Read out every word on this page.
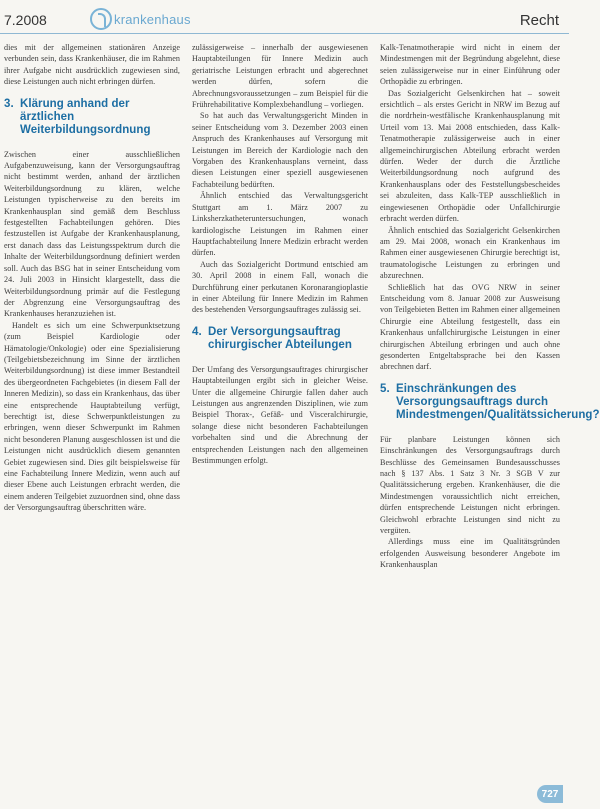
7.2008	krankenhaus	Recht

dies mit der allgemeinen stationären Anzeige verbunden sein, dass Krankenhäuser, die im Rahmen ihrer Aufgabe nicht ausdrücklich zugewiesen sind, diese Leistungen auch nicht erbringen dürfen.

3. Klärung anhand der ärztlichen Weiterbildungsordnung

Zwischen einer ausschließlichen Aufgabenzuweisung, kann der Versorgungsauftrag nicht bestimmt werden, anhand der ärztlichen Weiterbildungsordnung zu klären, welche Leistungen typischerweise zu den bereits im Krankenhausplan sind gemäß dem Beschluss festgestellten Fachabteilungen gehören. Dies festzustellen ist Aufgabe der Krankenhausplanung, erst danach dass das Leistungsspektrum durch die Inhalte der Weiterbildungsordnung definiert werden soll. Auch das BSG hat in seiner Entscheidung vom 24. Juli 2003 in Hinsicht klargestellt, dass die Weiterbildungsordnung primär auf die Festlegung der Abgrenzung eine Versorgungsauftrag des Krankenhauses heranzuziehen ist.

Handelt es sich um eine Schwerpunktsetzung (zum Beispiel Kardiologie oder Hämatologie/Onkologie) oder eine Spezialisierung (Teilgebietsbezeichnung im Sinne der ärztlichen Weiterbildungsordnung) ist diese immer Bestandteil des übergeordneten Fachgebietes (in diesem Fall der Inneren Medizin), so dass ein Krankenhaus, das über eine entsprechende Hauptabteilung verfügt, berechtigt ist, diese Schwerpunktleistungen zu erbringen, wenn dieser Schwerpunkt im Rahmen nicht besonderen Planung ausgeschlossen ist und die Leistungen nicht ausdrücklich diesem genannten Gebiet zugewiesen sind. Dies gilt beispielsweise für eine Fachabteilung Innere Medizin, wenn auch auf dieser Ebene auch Leistungen erbracht werden, die einem anderen Teilgebiet zuzuordnen sind, ohne dass der Versorgungsauftrag überschritten wäre.

zulässigerweise – innerhalb der ausgewiesenen Hauptabteilungen für Innere Medizin auch geriatrische Leistungen erbracht und abgerechnet werden dürfen, sofern die Abrechnungsvoraussetzungen – zum Beispiel für die Frührehabilitative Komplexbehandlung – vorliegen.

So hat auch das Verwaltungsgericht Minden in seiner Entscheidung vom 3. Dezember 2003 einen Anspruch des Krankenhauses auf Versorgung mit Leistungen im Bereich der Kardiologie nach den Vorgaben des Krankenhausplans verneint, dass diesen Leistungen einer speziell ausgewiesenen Fachabteilung bedürften.

Ähnlich entschied das Verwaltungsgericht Stuttgart am 1. März 2007 zu Linksherzkatheteruntersuchungen, wonach kardiologische Leistungen im Rahmen einer Hauptfachabteilung Innere Medizin erbracht werden dürfen.

Auch das Sozialgericht Dortmund entschied am 30. April 2008 in einem Fall, wonach die Durchführung einer perkutanen Koronarangioplastie in einer Abteilung für Innere Medizin im Rahmen des bestehenden Versorgungsauftrages zulässig sei.

4. Der Versorgungsauftrag chirurgischer Abteilungen

Der Umfang des Versorgungsauftrages chirurgischer Hauptabteilungen ergibt sich in gleicher Weise. Unter die allgemeine Chirurgie fallen daher auch Leistungen aus angrenzenden Disziplinen, wie zum Beispiel Thorax-, Gefäß- und Visceralchirurgie, solange diese nicht besonderen Fachabteilungen vorbehalten sind und die Abrechnung der entsprechenden Leistungen nach den allgemeinen Bestimmungen erfolgt.

Kalk-Tenatmotherapie wird nicht in einem der Mindestmengen mit der Begründung abgelehnt, diese seien zulässigerweise nur in einer Einführung oder Orthopädie zu erbringen.

Das Sozialgericht Gelsenkirchen hat – soweit ersichtlich – als erstes Gericht in NRW im Bezug auf die nordrhein-westfälische Krankenhausplanung mit Urteil vom 13. Mai 2008 entschieden, dass Kalk-Tenatmotherapie zulässigerweise auch in einer allgemeinchirurgischen Abteilung erbracht werden dürfen. Weder der durch die Ärztliche Weiterbildungsordnung noch aufgrund des Krankenhausplans oder des Feststellungsbescheides sei abzuleiten, dass Kalk-TEP ausschließlich in eingewiesenen Orthopädie oder Unfallchirurgie erbracht werden dürfen.

Ähnlich entschied das Sozialgericht Gelsenkirchen am 29. Mai 2008, wonach ein Krankenhaus im Rahmen einer ausgewiesenen Chirurgie berechtigt ist, traumatologische Leistungen zu erbringen und abzurechnen.

Schließlich hat das OVG NRW in seiner Entscheidung vom 8. Januar 2008 zur Ausweisung von Teilgebieten Betten im Rahmen einer allgemeinen Chirurgie eine Abteilung festgestellt, dass ein Krankenhaus unfallchirurgische Leistungen in einer chirurgischen Abteilung erbringen und auch ohne gesonderten Entgeltabsprache bei den Kassen abrechnen darf.

5. Einschränkungen des Versorgungsauftrags durch Mindestmengen/Qualitätssicherung?

Für planbare Leistungen können sich Einschränkungen des Versorgungsauftrags durch Beschlüsse des Gemeinsamen Bundesausschusses nach § 137 Abs. 1 Satz 3 Nr. 3 SGB V zur Qualitätssicherung ergeben. Krankenhäuser, die die Mindestmengen voraussichtlich nicht erreichen, dürfen entsprechende Leistungen nicht erbringen. Gleichwohl erbrachte Leistungen sind nicht zu vergüten.

Allerdings muss eine im Qualitätsgründen erfolgenden Ausweisung besonderer Angebote im Krankenhausplan

727
